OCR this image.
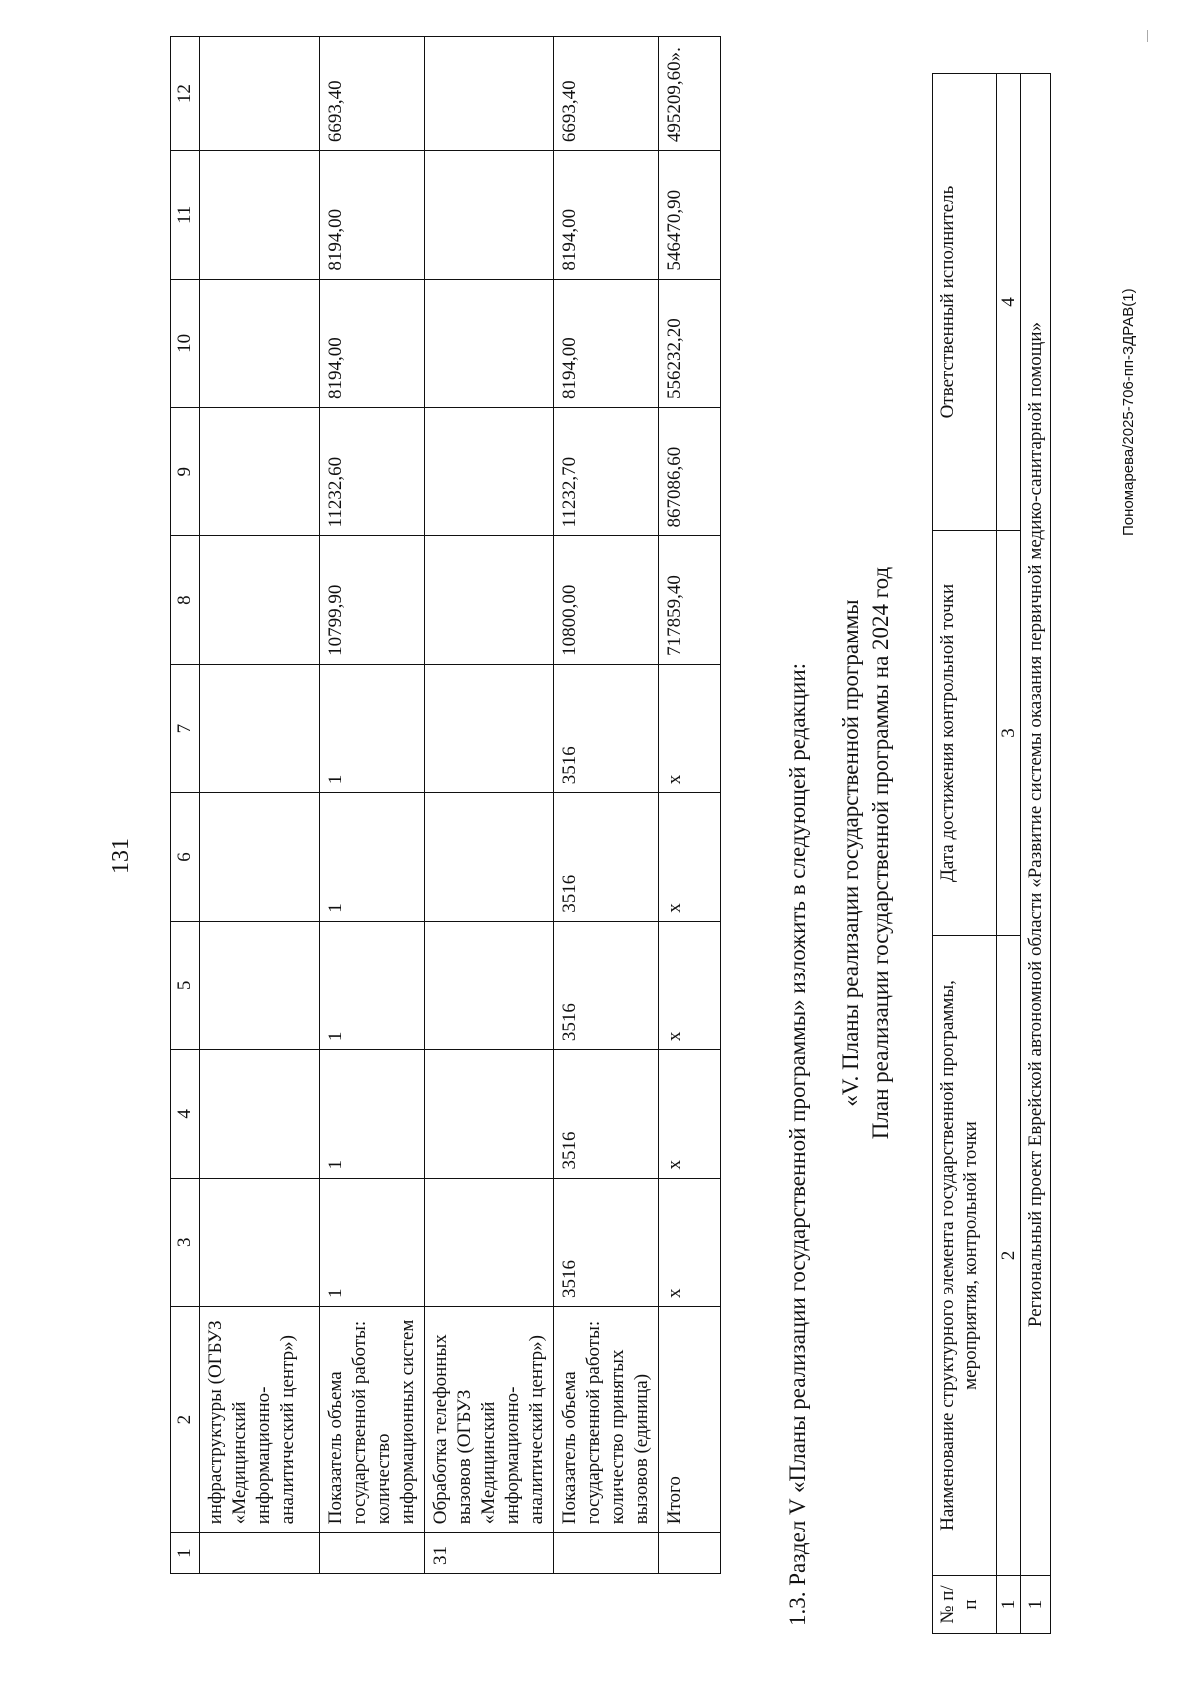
131
1	2	3	4	5	6	7	8	9	10	11	12
	инфраструктуры (ОГБУЗ «Медицинский информационно-аналитический центр»)										
	Показатель объема государственной работы: количество информационных систем	1	1	1	1	1	10799,90	11232,60	8194,00	8194,00	6693,40
31	Обработка телефонных вызовов (ОГБУЗ «Медицинский информационно-аналитический центр»)										
	Показатель объема государственной работы: количество принятых вызовов (единица)	3516	3516	3516	3516	3516	10800,00	11232,70	8194,00	8194,00	6693,40
	Итого	х	х	х	х	х	717859,40	867086,60	556232,20	546470,90	495209,60».
1.3. Раздел V «Планы реализации государственной программы» изложить в следующей редакции: «V. Планы реализации государственной программы План реализации государственной программы на 2024 год
№ п/п	Наименование структурного элемента государственной программы, мероприятия, контрольной точки	Дата достижения контрольной точки	Ответственный исполнитель
1	2	3	4
1	Региональный проект Еврейской автономной области «Развитие системы оказания первичной медико-санитарной помощи»			Пономарева/2025-706-пп-ЗДРАВ(1)
